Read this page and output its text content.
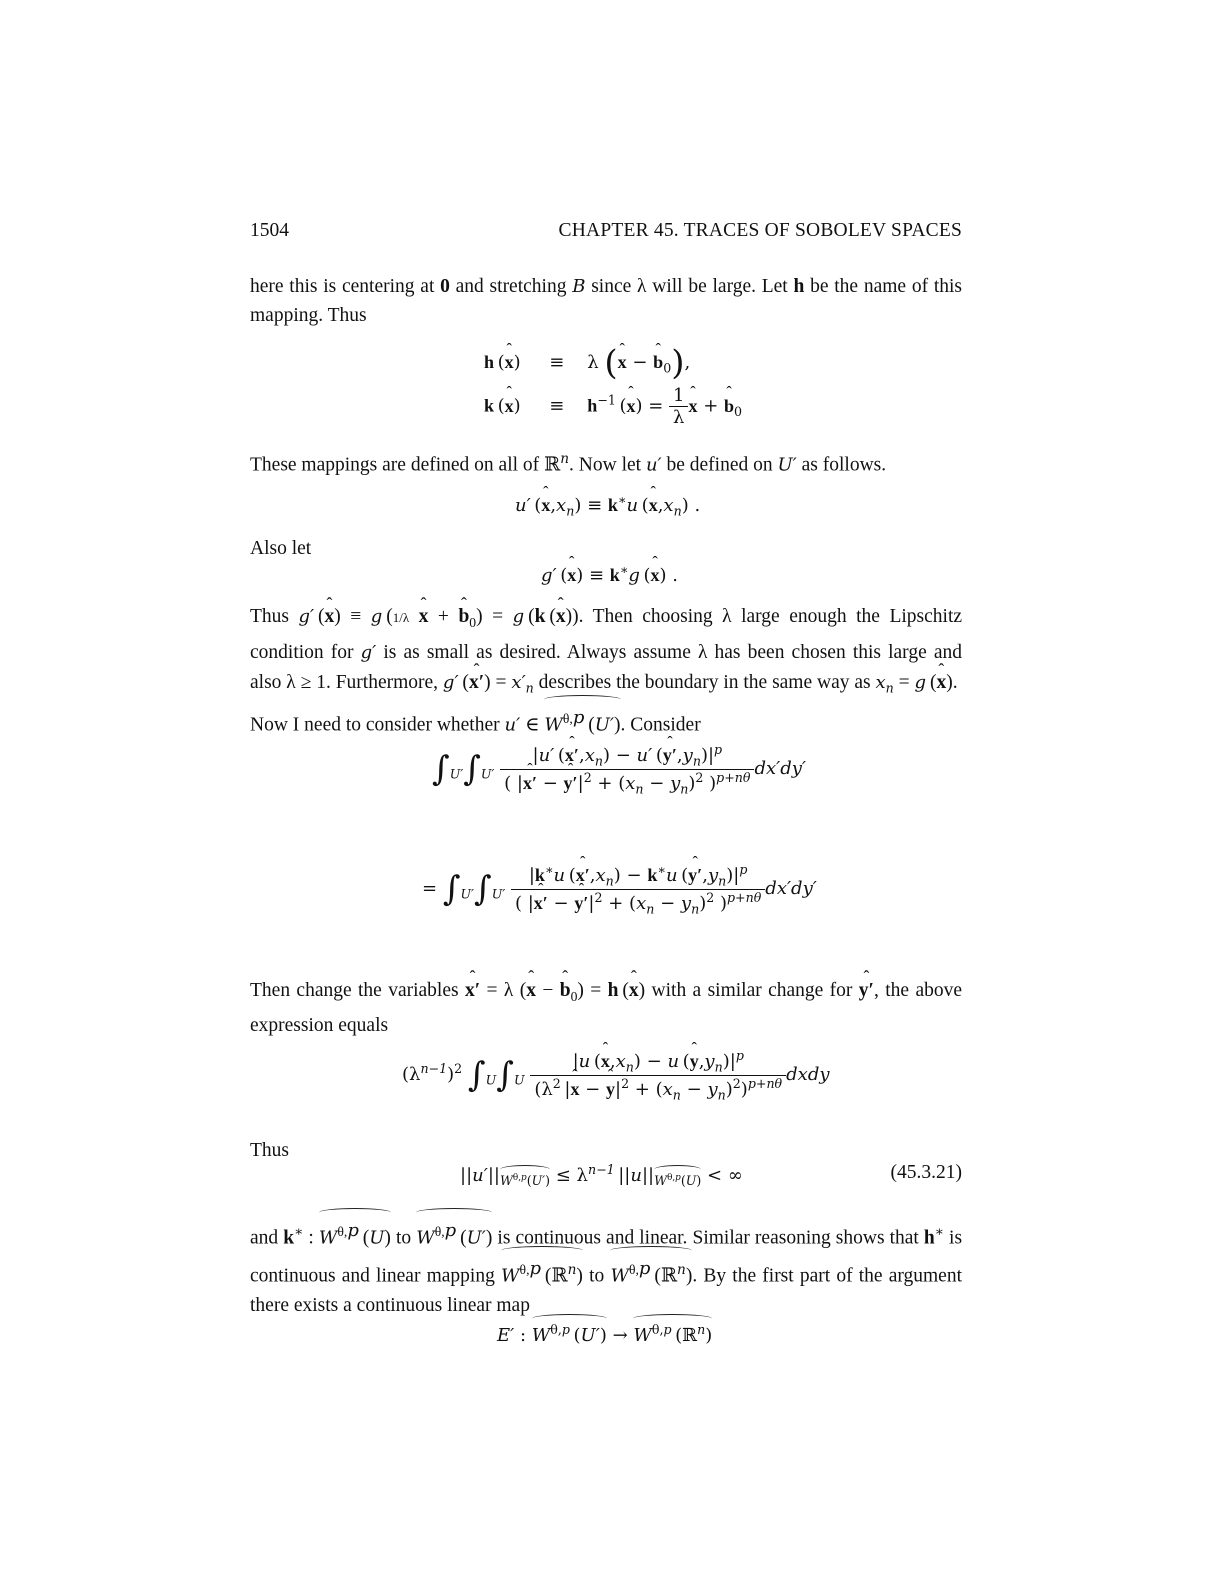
1504	CHAPTER 45. TRACES OF SOBOLEV SPACES
here this is centering at 0 and stretching B since λ will be large. Let h be the name of this mapping. Thus
h (ˆ x)     ≡    λ (ˆ x − ˆ $b_0$),
k (ˆ x)     ≡    $h^{-1}$ (ˆ $x) = \frac{1}{\lambda}$ ˆ x + ˆ $b_0$
These mappings are defined on all of ℝ$^n$. Now let u′ be defined on U′ as follows.
u′ (ˆ $x,x_n) \equiv k^∗u$ (ˆ $x,x_n$) .
Also let
g′ (ˆ x) ≡ k∗g (ˆ x) .
Thus g′ (ˆ x) ≡ g (1/λ ˆ x + ˆ $b_0) = g$ (k (ˆ x)). Then choosing λ large enough the Lipschitz condition for g′ is as small as desired. Always assume λ has been chosen this large and also λ ≥ 1. Furthermore, g′ (ˆ $x') = x'_n$ describes the boundary in the same way as $x_n = g$ (ˆ x).
Now I need to consider whether u′ ∈ $W^{\theta,p}$ (U′). Consider
$\int_{U'}\int_{U'} \frac{|u' (ˆ x',x_n) - u' (ˆ y',y_n)|^p}{( |ˆ x' - ˆ y'|^2 + (x_n - y_n)^2 )^{p+n\theta}} dx'dy'$
= $\int_{U'}\int_{U'} \frac{|k^∗u (ˆ x',x_n) - k^∗u (ˆ y',y_n)|^p}{( |ˆ x' - ˆ y'|^2 + (x_n - y_n)^2 )^{p+n\theta}} dx'dy'$
Then change the variables ˆ x′ = λ (ˆ x − ˆ $b_0) = h$ (ˆ x) with a similar change for ˆ y′, the above expression equals
$(\lambda^{n-1})^2$ $\int_U\int_U \frac{|u (ˆ x,x_n) - u (ˆ y,y_n)|^p}{(\lambda^2 |ˆ x - ˆ y|^2 + (x_n - y_n)^2)^{p+n\theta}}$ dxdy
Thus
$||u'||_{W^{\theta,p}(U')} \le \lambda^{n-1}$ $||u||_{W^{\theta,p}(U)}$ < ∞	(45.3.21)
and k∗ : $W^{\theta,p}$ (U) to $W^{\theta,p}$ (U′) is continuous and linear. Similar reasoning shows that h∗ is continuous and linear mapping $W^{\theta,p}$ (ℝ$^n$) to $W^{\theta,p}$ (ℝ$^n$). By the first part of the argument there exists a continuous linear map
E′ : $W^{\theta,p}$ $(U') \to W^{\theta,p}$ (ℝ$^n$)
